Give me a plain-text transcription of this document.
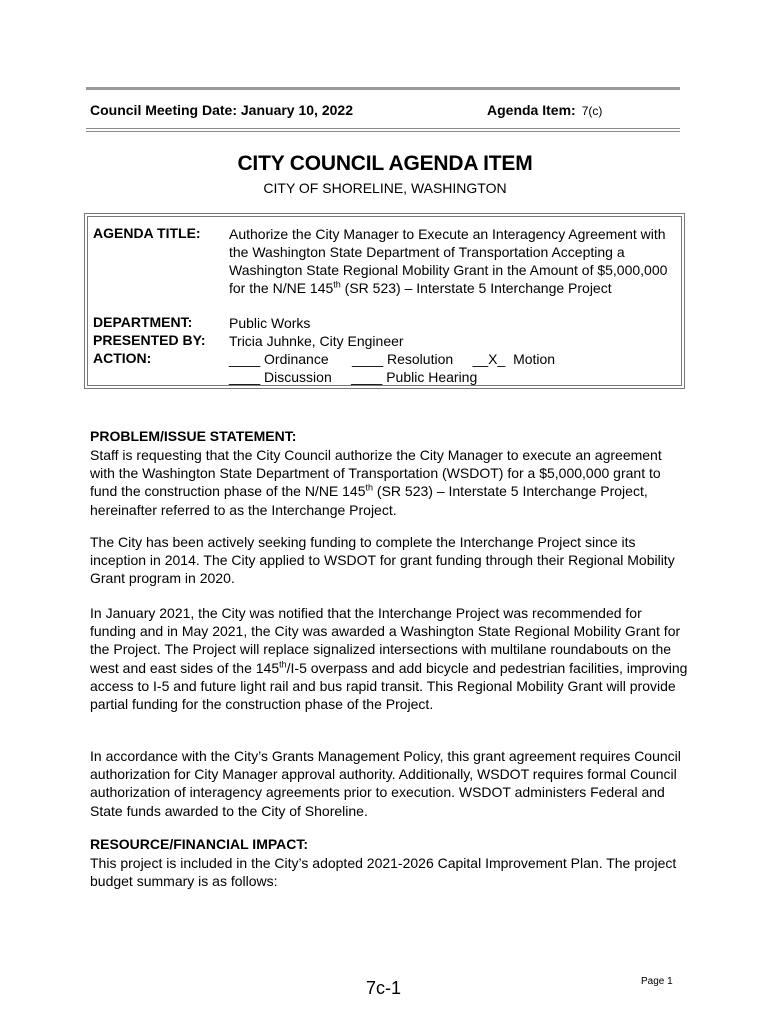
Council Meeting Date: January 10, 2022	Agenda Item: 7(c)
CITY COUNCIL AGENDA ITEM
CITY OF SHORELINE, WASHINGTON
AGENDA TITLE: Authorize the City Manager to Execute an Interagency Agreement with the Washington State Department of Transportation Accepting a Washington State Regional Mobility Grant in the Amount of $5,000,000 for the N/NE 145th (SR 523) – Interstate 5 Interchange Project
DEPARTMENT:	Public Works
PRESENTED BY: Tricia Juhnke, City Engineer
ACTION:	____ Ordinance      ____ Resolution     __X_  Motion
____ Discussion     ____ Public Hearing
PROBLEM/ISSUE STATEMENT:
Staff is requesting that the City Council authorize the City Manager to execute an agreement with the Washington State Department of Transportation (WSDOT) for a $5,000,000 grant to fund the construction phase of the N/NE 145th (SR 523) – Interstate 5 Interchange Project, hereinafter referred to as the Interchange Project.
The City has been actively seeking funding to complete the Interchange Project since its inception in 2014. The City applied to WSDOT for grant funding through their Regional Mobility Grant program in 2020.
In January 2021, the City was notified that the Interchange Project was recommended for funding and in May 2021, the City was awarded a Washington State Regional Mobility Grant for the Project. The Project will replace signalized intersections with multilane roundabouts on the west and east sides of the 145th/I-5 overpass and add bicycle and pedestrian facilities, improving access to I-5 and future light rail and bus rapid transit. This Regional Mobility Grant will provide partial funding for the construction phase of the Project.
In accordance with the City’s Grants Management Policy, this grant agreement requires Council authorization for City Manager approval authority. Additionally, WSDOT requires formal Council authorization of interagency agreements prior to execution. WSDOT administers Federal and State funds awarded to the City of Shoreline.
RESOURCE/FINANCIAL IMPACT:
This project is included in the City’s adopted 2021-2026 Capital Improvement Plan. The project budget summary is as follows:
7c-1	Page 1
